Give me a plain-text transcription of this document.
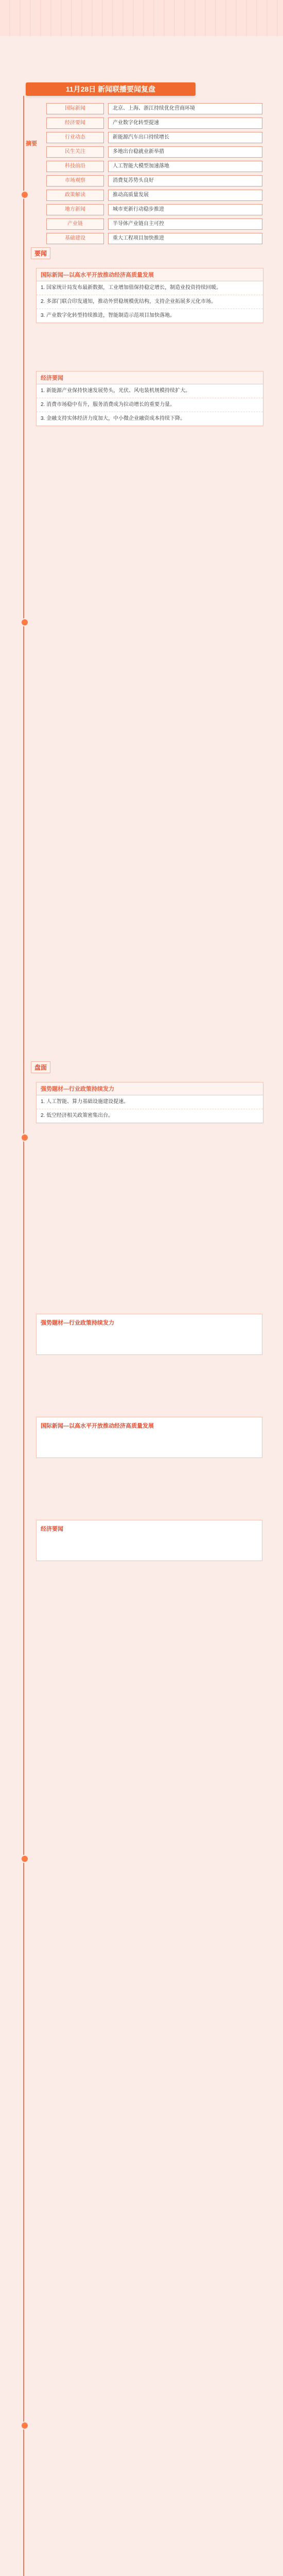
11月28日 新闻联播要闻复盘
摘要
国际新闻	北京、上海、浙江持续优化营商环境
经济要闻	产业数字化转型提速
行业动态	新能源汽车出口持续增长
民生关注	多地出台稳就业新举措
科技前沿	人工智能大模型加速落地
市场观察	消费复苏势头良好
政策解读	推动高质量发展
地方新闻	城市更新行动稳步推进
产业链	半导体产业链自主可控
基础建设	重大工程项目加快推进
要闻
国际新闻—以高水平开放推动经济高质量发展
1. 国家统计局发布最新数据，工业增加值保持稳定增长，制造业投资持续回暖。
2. 多部门联合印发通知，推动外贸稳规模优结构，支持企业拓展多元化市场。
3. 产业数字化转型持续推进，智能制造示范项目加快落地。
经济要闻
1. 新能源产业保持快速发展势头，光伏、风电装机规模持续扩大。
2. 消费市场稳中有升，服务消费成为拉动增长的重要力量。
3. 金融支持实体经济力度加大，中小微企业融资成本持续下降。
盘面
强势题材—行业政策持续发力
1. 人工智能、算力基础设施建设提速。
2. 低空经济相关政策密集出台。
强势题材—行业政策持续发力
国际新闻—以高水平开放推动经济高质量发展
经济要闻
